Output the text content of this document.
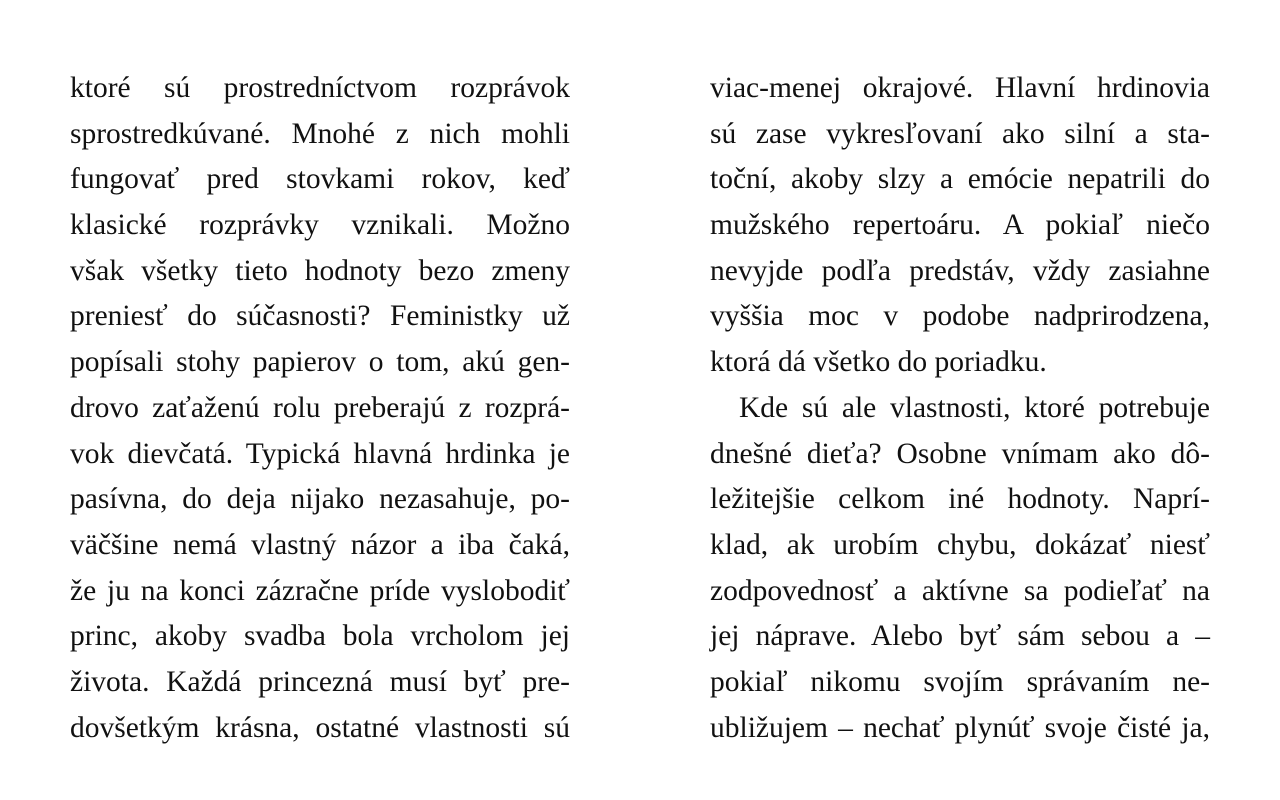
ktoré sú prostredníctvom rozprávok
sprostredkúvané. Mnohé z nich mohli
fungovať pred stovkami rokov, keď
klasické rozprávky vznikali. Možno
však všetky tieto hodnoty bezo zmeny
preniesť do súčasnosti? Feministky už
popísali stohy papierov o tom, akú gen-
drovo zaťaženú rolu preberajú z rozprá-
vok dievčatá. Typická hlavná hrdinka je
pasívna, do deja nijako nezasahuje, po-
väčšine nemá vlastný názor a iba čaká,
že ju na konci zázračne príde vyslobodiť
princ, akoby svadba bola vrcholom jej
života. Každá princezná musí byť pre-
dovšetkým krásna, ostatné vlastnosti sú
viac-menej okrajové. Hlavní hrdinovia
sú zase vykresľovaní ako silní a sta-
toční, akoby slzy a emócie nepatrili do
mužského repertoáru. A pokiaľ niečo
nevyjde podľa predstáv, vždy zasiahne
vyššia moc v podobe nadprirodzena,
ktorá dá všetko do poriadku.
Kde sú ale vlastnosti, ktoré potrebuje
dnešné dieťa? Osobne vnímam ako dô-
ležitejšie celkom iné hodnoty. Naprí-
klad, ak urobím chybu, dokázať niesť
zodpovednosť a aktívne sa podieľať na
jej náprave. Alebo byť sám sebou a –
pokiaľ nikomu svojím správaním ne-
ubližujem – nechať plynúť svoje čisté ja,
